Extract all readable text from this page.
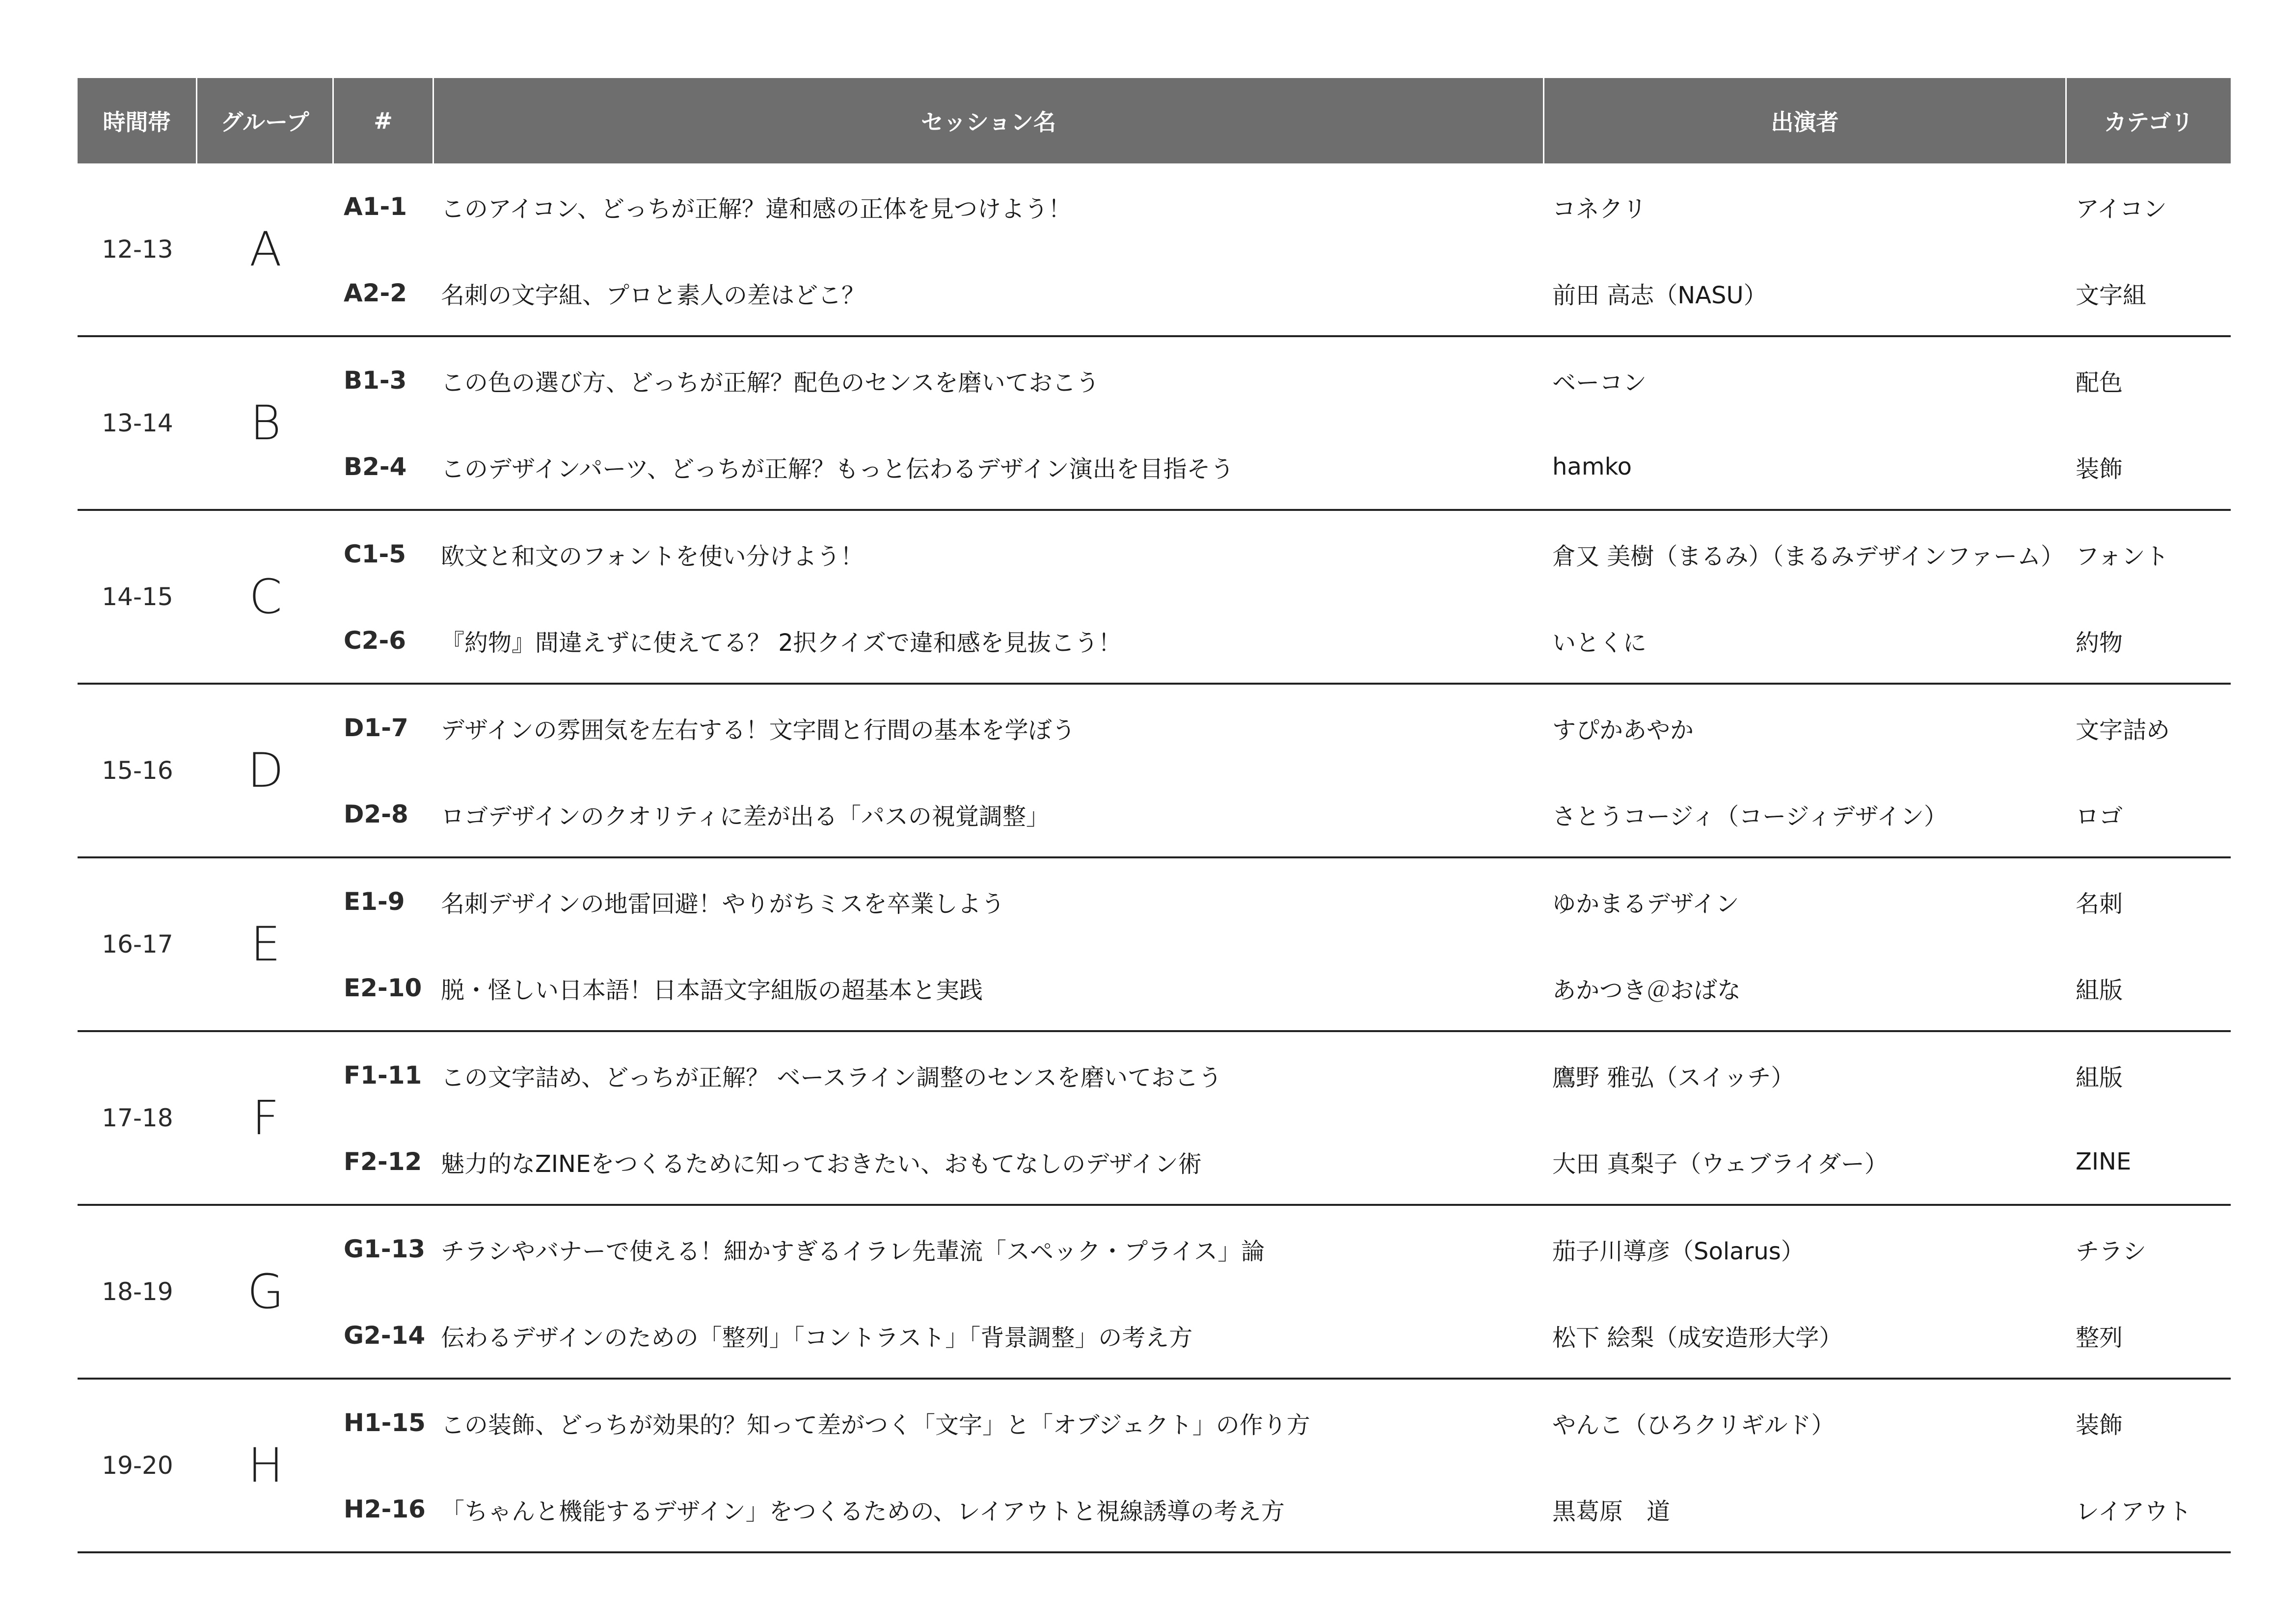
時間帯	グループ	#	セッション名	出演者	カテゴリ
12-13	A
A1-1	このアイコン、どっちが正解？違和感の正体を見つけよう！	コネクリ	アイコン
A2-2	名刺の文字組、プロと素人の差はどこ？	前田 高志（NASU）	文字組
13-14	B
B1-3	この色の選び方、どっちが正解？配色のセンスを磨いておこう	ベーコン	配色
B2-4	このデザインパーツ、どっちが正解？もっと伝わるデザイン演出を目指そう	hamko	装飾
14-15	C
C1-5	欧文と和文のフォントを使い分けよう！	倉又 美樹（まるみ）（まるみデザインファーム） フォント
C2-6	『約物』間違えずに使えてる？ 2択クイズで違和感を見抜こう！	いとくに	約物
15-16	D
D1-7	デザインの雰囲気を左右する！文字間と行間の基本を学ぼう	すぴかあやか	文字詰め
D2-8	ロゴデザインのクオリティに差が出る「パスの視覚調整」	さとうコージィ（コージィデザイン）	ロゴ
16-17	E
E1-9	名刺デザインの地雷回避！やりがちミスを卒業しよう	ゆかまるデザイン	名刺
E2-10 脱・怪しい日本語！日本語文字組版の超基本と実践	あかつき＠おばな	組版
17-18	F
F1-11 この文字詰め、どっちが正解？ ベースライン調整のセンスを磨いておこう	鷹野 雅弘（スイッチ）	組版
F2-12 魅力的なZINEをつくるために知っておきたい、おもてなしのデザイン術	大田 真梨子（ウェブライダー）	ZINE
18-19	G
G1-13 チラシやバナーで使える！細かすぎるイラレ先輩流「スペック・プライス」論	茄子川導彦（Solarus）	チラシ
G2-14 伝わるデザインのための「整列」「コントラスト」「背景調整」の考え方	松下 絵梨（成安造形大学）	整列
19-20	H
H1-15 この装飾、どっちが効果的？知って差がつく「文字」と「オブジェクト」の作り方	やんこ（ひろクリギルド）	装飾
H2-16 「ちゃんと機能するデザイン」をつくるための、レイアウトと視線誘導の考え方	黒葛原　道	レイアウト
